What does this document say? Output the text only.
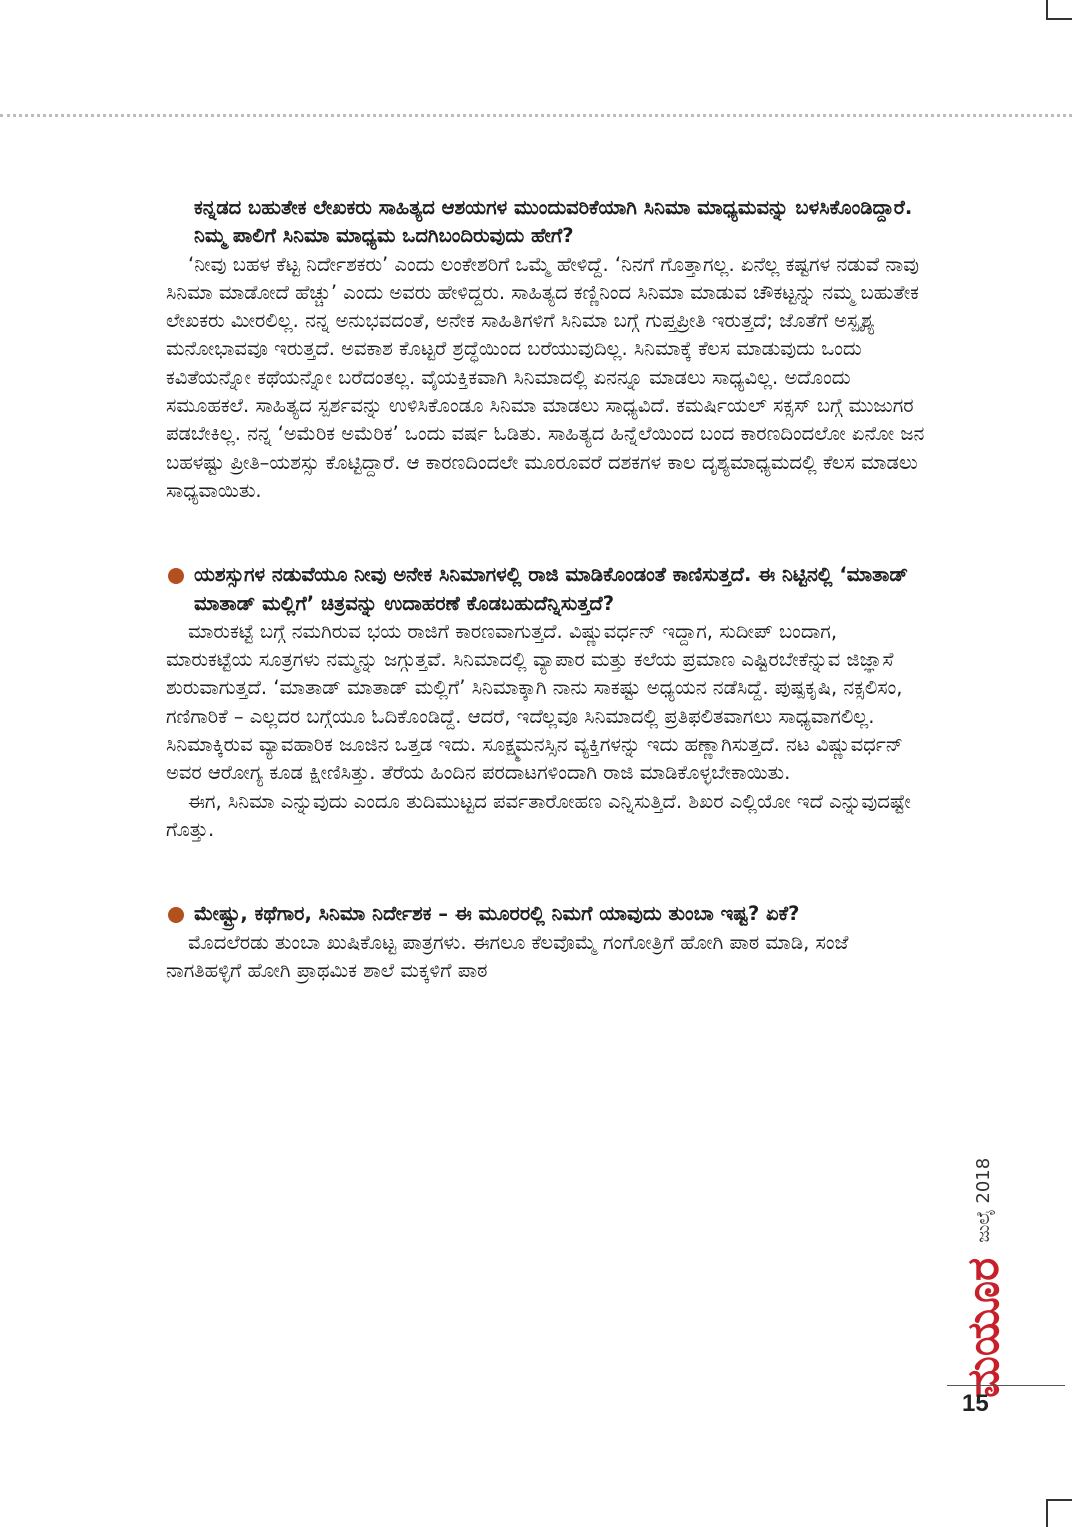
ಕನ್ನಡದ ಬಹುತೇಕ ಲೇಖಕರು ಸಾಹಿತ್ಯದ ಆಶಯಗಳ ಮುಂದುವರಿಕೆಯಾಗಿ ಸಿನಿಮಾ ಮಾಧ್ಯಮವನ್ನು ಬಳಸಿಕೊಂಡಿದ್ದಾರೆ. ನಿಮ್ಮ ಪಾಲಿಗೆ ಸಿನಿಮಾ ಮಾಧ್ಯಮ ಒದಗಿಬಂದಿರುವುದು ಹೇಗೆ?

‘ನೀವು ಬಹಳ ಕೆಟ್ಟ ನಿರ್ದೇಶಕರು’ ಎಂದು ಲಂಕೇಶರಿಗೆ ಒಮ್ಮೆ ಹೇಳಿದ್ದೆ. ‘ನಿನಗೆ ಗೊತ್ತಾಗಲ್ಲ. ಏನೆಲ್ಲ ಕಷ್ಟಗಳ ನಡುವೆ ನಾವು ಸಿನಿಮಾ ಮಾಡೋದೆ ಹೆಚ್ಚು’ ಎಂದು ಅವರು ಹೇಳಿದ್ದರು. ಸಾಹಿತ್ಯದ ಕಣ್ಣಿನಿಂದ ಸಿನಿಮಾ ಮಾಡುವ ಚೌಕಟ್ಟನ್ನು ನಮ್ಮ ಬಹುತೇಕ ಲೇಖಕರು ಮೀರಲಿಲ್ಲ. ನನ್ನ ಅನುಭವದಂತೆ, ಅನೇಕ ಸಾಹಿತಿಗಳಿಗೆ ಸಿನಿಮಾ ಬಗ್ಗೆ ಗುಪ್ತಪ್ರೀತಿ ಇರುತ್ತದೆ; ಜೊತೆಗೆ ಅಸ್ಪೃಶ್ಯ ಮನೋಭಾವವೂ ಇರುತ್ತದೆ. ಅವಕಾಶ ಕೊಟ್ಟರೆ ಶ್ರದ್ಧೆಯಿಂದ ಬರೆಯುವುದಿಲ್ಲ. ಸಿನಿಮಾಕ್ಕೆ ಕೆಲಸ ಮಾಡುವುದು ಒಂದು ಕವಿತೆಯನ್ನೋ ಕಥೆಯನ್ನೋ ಬರೆದಂತಲ್ಲ. ವೈಯಕ್ತಿಕವಾಗಿ ಸಿನಿಮಾದಲ್ಲಿ ಏನನ್ನೂ ಮಾಡಲು ಸಾಧ್ಯವಿಲ್ಲ. ಅದೊಂದು ಸಮೂಹಕಲೆ. ಸಾಹಿತ್ಯದ ಸ್ಪರ್ಶವನ್ನು ಉಳಿಸಿಕೊಂಡೂ ಸಿನಿಮಾ ಮಾಡಲು ಸಾಧ್ಯವಿದೆ. ಕಮರ್ಷಿಯಲ್ ಸಕ್ಸಸ್ ಬಗ್ಗೆ ಮುಜುಗರ ಪಡಬೇಕಿಲ್ಲ. ನನ್ನ ‘ಅಮೆರಿಕ ಅಮೆರಿಕ’ ಒಂದು ವರ್ಷ ಓಡಿತು. ಸಾಹಿತ್ಯದ ಹಿನ್ನೆಲೆಯಿಂದ ಬಂದ ಕಾರಣದಿಂದಲೋ ಏನೋ ಜನ ಬಹಳಷ್ಟು ಪ್ರೀತಿ–ಯಶಸ್ಸು ಕೊಟ್ಟಿದ್ದಾರೆ. ಆ ಕಾರಣದಿಂದಲೇ ಮೂರೂವರೆ ದಶಕಗಳ ಕಾಲ ದೃಶ್ಯಮಾಧ್ಯಮದಲ್ಲಿ ಕೆಲಸ ಮಾಡಲು ಸಾಧ್ಯವಾಯಿತು.

ಯಶಸ್ಸುಗಳ ನಡುವೆಯೂ ನೀವು ಅನೇಕ ಸಿನಿಮಾಗಳಲ್ಲಿ ರಾಜಿ ಮಾಡಿಕೊಂಡಂತೆ ಕಾಣಿಸುತ್ತದೆ. ಈ ನಿಟ್ಟಿನಲ್ಲಿ ‘ಮಾತಾಡ್ ಮಾತಾಡ್ ಮಲ್ಲಿಗೆ’ ಚಿತ್ರವನ್ನು ಉದಾಹರಣೆ ಕೊಡಬಹುದೆನ್ನಿಸುತ್ತದೆ?

ಮಾರುಕಟ್ಟೆ ಬಗ್ಗೆ ನಮಗಿರುವ ಭಯ ರಾಜಿಗೆ ಕಾರಣವಾಗುತ್ತದೆ. ವಿಷ್ಣುವರ್ಧನ್ ಇದ್ದಾಗ, ಸುದೀಪ್ ಬಂದಾಗ, ಮಾರುಕಟ್ಟೆಯ ಸೂತ್ರಗಳು ನಮ್ಮನ್ನು ಜಗ್ಗುತ್ತವೆ. ಸಿನಿಮಾದಲ್ಲಿ ವ್ಯಾಪಾರ ಮತ್ತು ಕಲೆಯ ಪ್ರಮಾಣ ಎಷ್ಟಿರಬೇಕೆನ್ನುವ ಜಿಜ್ಞಾಸೆ ಶುರುವಾಗುತ್ತದೆ. ‘ಮಾತಾಡ್ ಮಾತಾಡ್ ಮಲ್ಲಿಗೆ’ ಸಿನಿಮಾಕ್ಕಾಗಿ ನಾನು ಸಾಕಷ್ಟು ಅಧ್ಯಯನ ನಡೆಸಿದ್ದೆ. ಪುಷ್ಪಕೃಷಿ, ನಕ್ಸಲಿಸಂ, ಗಣಿಗಾರಿಕೆ – ಎಲ್ಲದರ ಬಗ್ಗೆಯೂ ಓದಿಕೊಂಡಿದ್ದೆ. ಆದರೆ, ಇದೆಲ್ಲವೂ ಸಿನಿಮಾದಲ್ಲಿ ಪ್ರತಿಫಲಿತವಾಗಲು ಸಾಧ್ಯವಾಗಲಿಲ್ಲ. ಸಿನಿಮಾಕ್ಕಿರುವ ವ್ಯಾವಹಾರಿಕ ಜೂಜಿನ ಒತ್ತಡ ಇದು. ಸೂಕ್ಷ್ಮಮನಸ್ಸಿನ ವ್ಯಕ್ತಿಗಳನ್ನು ಇದು ಹಣ್ಣಾಗಿಸುತ್ತದೆ. ನಟ ವಿಷ್ಣುವರ್ಧನ್ ಅವರ ಆರೋಗ್ಯ ಕೂಡ ಕ್ಷೀಣಿಸಿತ್ತು. ತೆರೆಯ ಹಿಂದಿನ ಪರದಾಟಗಳಿಂದಾಗಿ ರಾಜಿ ಮಾಡಿಕೊಳ್ಳಬೇಕಾಯಿತು.

ಈಗ, ಸಿನಿಮಾ ಎನ್ನುವುದು ಎಂದೂ ತುದಿಮುಟ್ಟದ ಪರ್ವತಾರೋಹಣ ಎನ್ನಿಸುತ್ತಿದೆ. ಶಿಖರ ಎಲ್ಲಿಯೋ ಇದೆ ಎನ್ನುವುದಷ್ಟೇ ಗೊತ್ತು.

ಮೇಷ್ಟ್ರು, ಕಥೆಗಾರ, ಸಿನಿಮಾ ನಿರ್ದೇಶಕ – ಈ ಮೂರರಲ್ಲಿ ನಿಮಗೆ ಯಾವುದು ತುಂಬಾ ಇಷ್ಟ? ಏಕೆ?

ಮೊದಲೆರಡು ತುಂಬಾ ಖುಷಿಕೊಟ್ಟ ಪಾತ್ರಗಳು. ಈಗಲೂ ಕೆಲವೊಮ್ಮೆ ಗಂಗೋತ್ರಿಗೆ ಹೋಗಿ ಪಾಠ ಮಾಡಿ, ಸಂಜೆ ನಾಗತಿಹಳ್ಳಿಗೆ ಹೋಗಿ ಪ್ರಾಥಮಿಕ ಶಾಲೆ ಮಕ್ಕಳಿಗೆ ಪಾಠ

ಮಯೂರ ಜುಲೈ 2018
15
